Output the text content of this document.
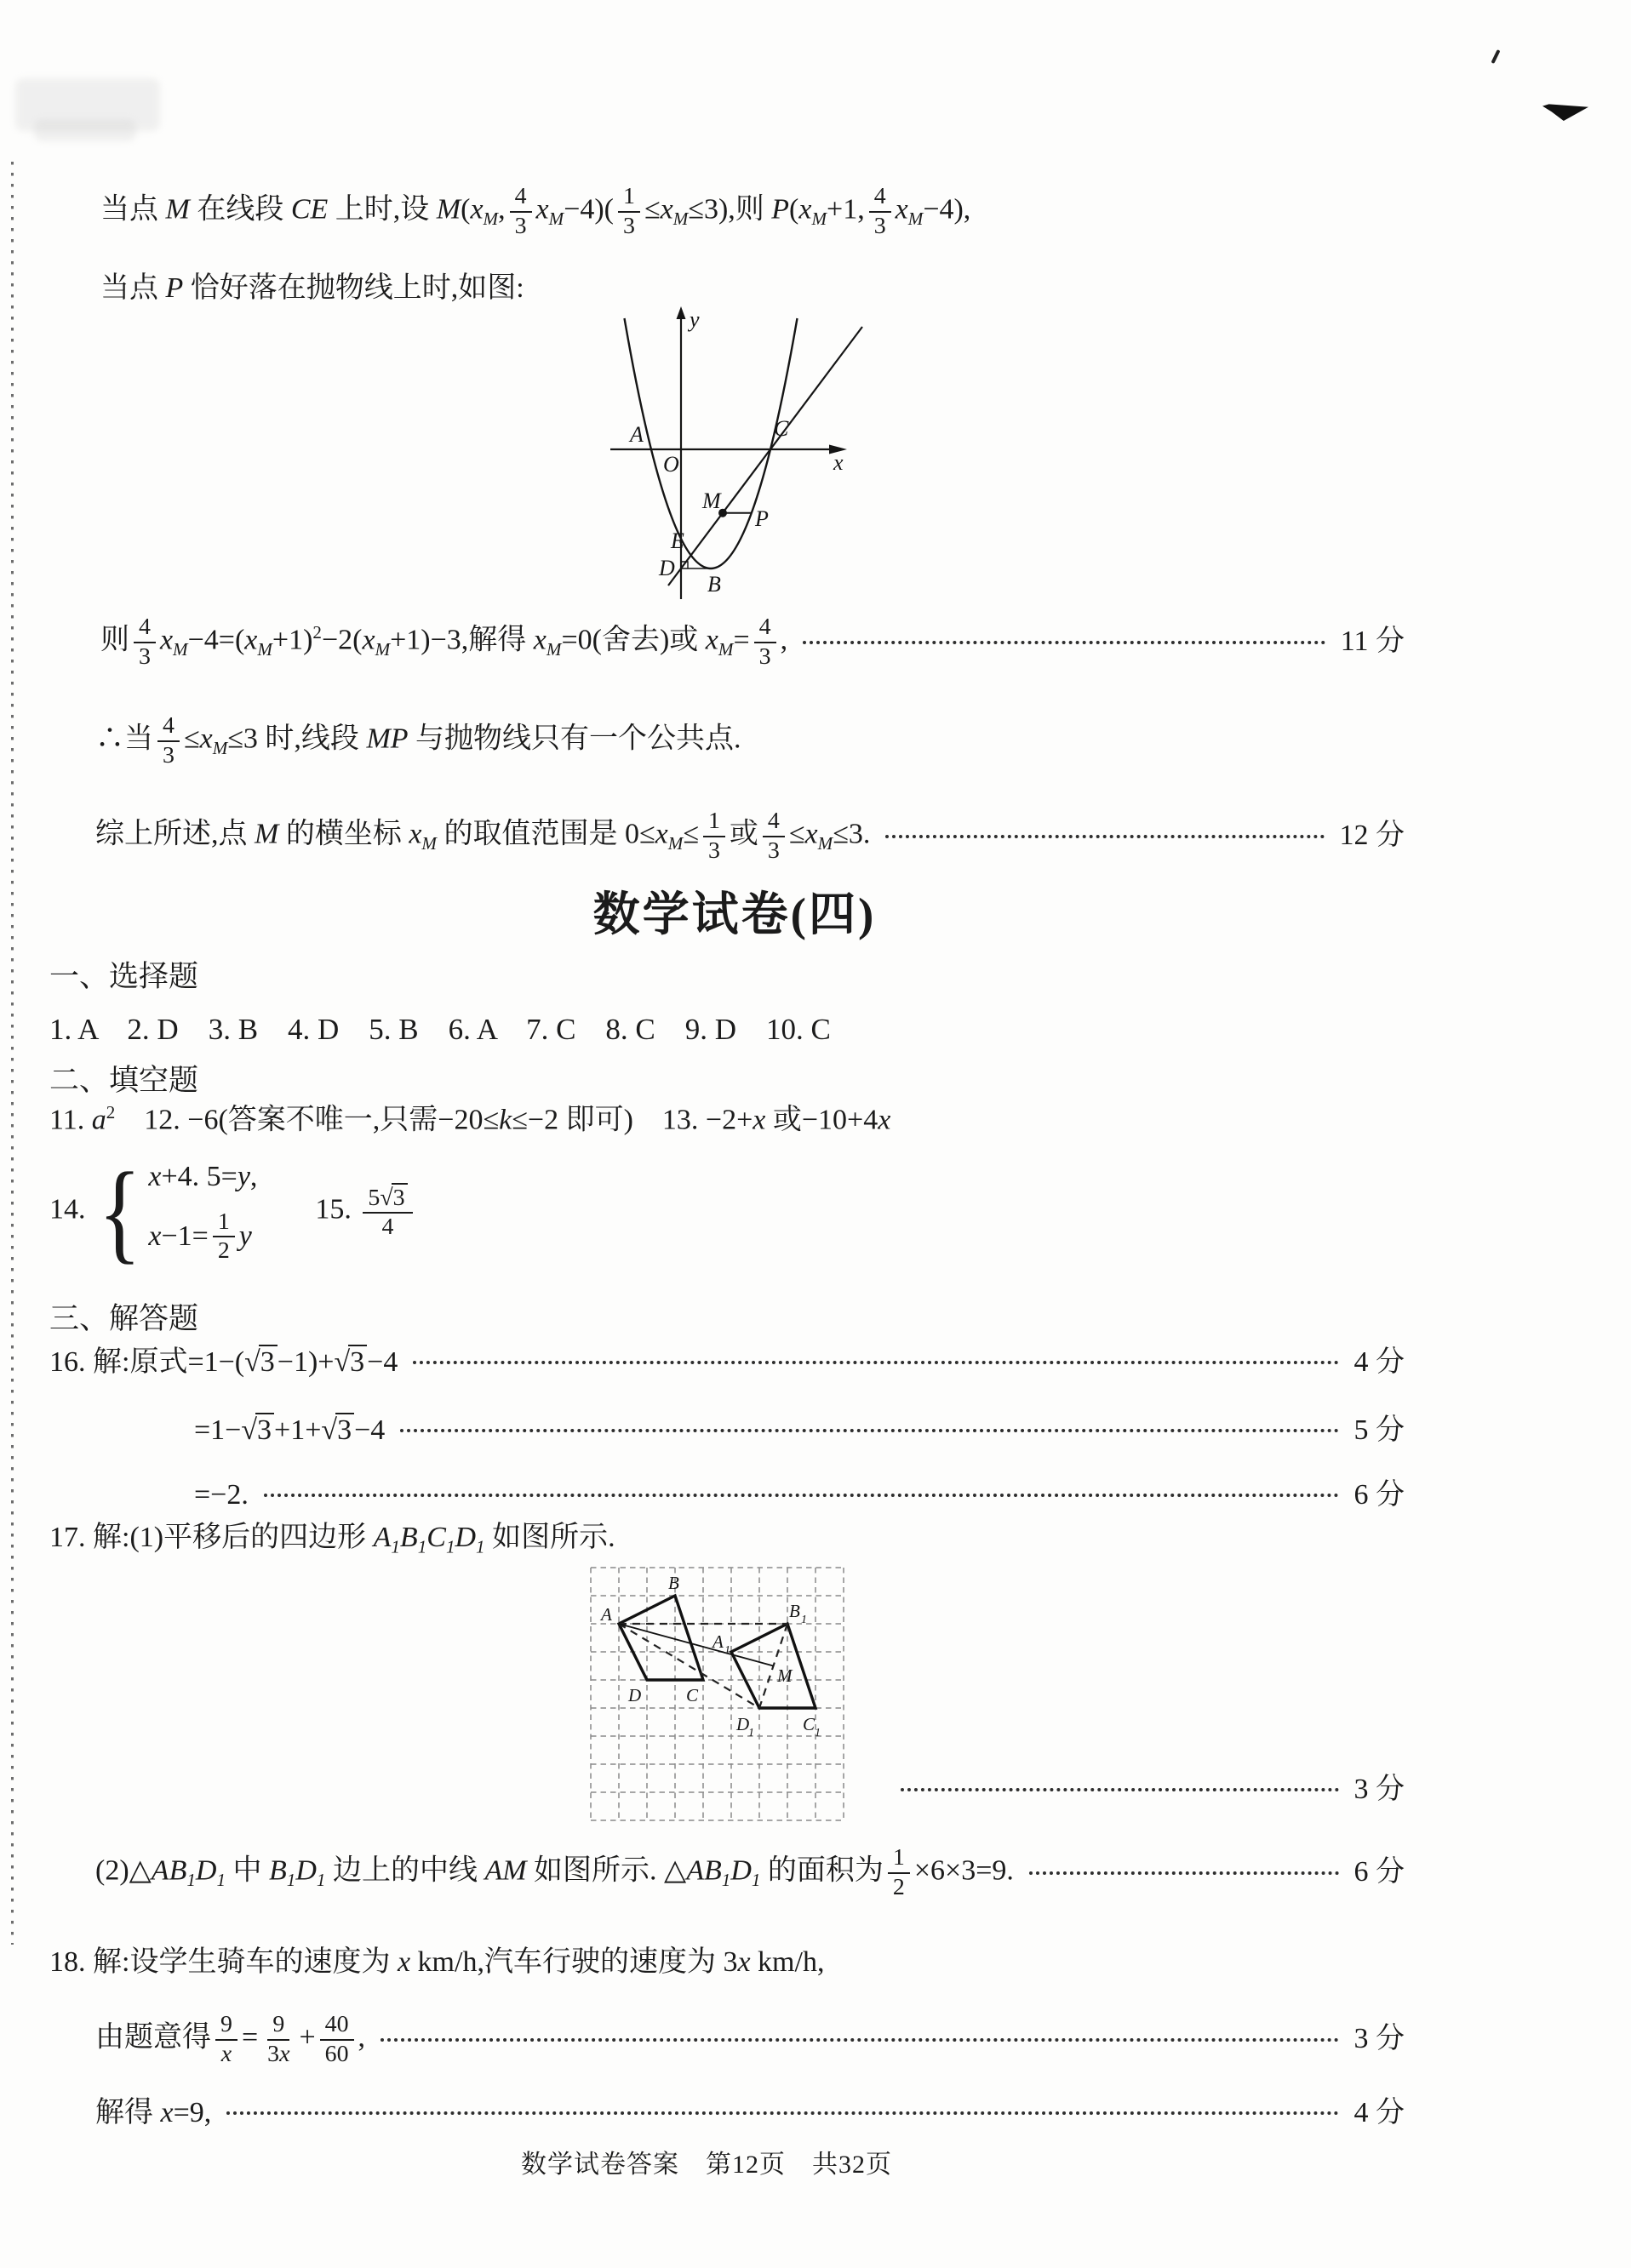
当点 M 在线段 CE 上时,设 $M(x_M$, $\frac{4}{3} x_M-4)( \frac{1}{3} \le x_M\le 3)$,则 $P(x_M+1$, $\frac{4}{3} x_M-4$),
当点 P 恰好落在抛物线上时,如图:
y
x
O
A	C
M
P
E
D
B
则 $\frac{4}{3} x_M-4=(x_M+1)^2-2(x_M+1)-3$,解得 $x_M=0$(舍去)或 $x_M= \frac{4}{3}$ ,	11 分
∴当 $\frac{4}{3} \le x_M\le 3$ 时,线段 MP 与抛物线只有一个公共点.
综上所述,点 M 的横坐标 $x_M$ 的取值范围是 $0\le x_M\le \frac{1}{3}$ 或 $\frac{4}{3} \le x_M\le 3$.	12 分
数学试卷(四)
一、选择题
1. A　2. D　3. B　4. D　5. B　6. A　7. C　8. C　9. D　10. C
二、填空题
11. $a^2$　12. −6(答案不唯一,只需−20≤k≤−2 即可)　13. −2+x 或−10+4x
14. { x +4. 5= y ,
$x -1= \frac{1}{2}$ y
　　15. $\frac{5√3}{4}$
三、解答题
16. 解:原式=1−(√3−1)+√3−4	4 分
=1−√3+1+√3−4	5 分
=−2.	6 分
17. 解:(1)平移后的四边形 $A_1B_1C_1D_1$ 如图所示.
A
B
C
D
M
A 1
B 1
C 1
D
1
3 分
$(2)\triangle AB_1D_1$ 中 $B_1D_1$ 边上的中线 AM 如图所示. $\triangle AB_1D_1$ 的面积为 $\frac{1}{2} \times 6\times 3=9$.	6 分
18. 解:设学生骑车的速度为 x km/h,汽车行驶的速度为 3x km/h,
由题意得 $\frac{9}{x} = \frac{9}{3x} + \frac{40}{60}$ ,	3 分
解得 x=9,	4 分
数学试卷答案　第12页　共32页
